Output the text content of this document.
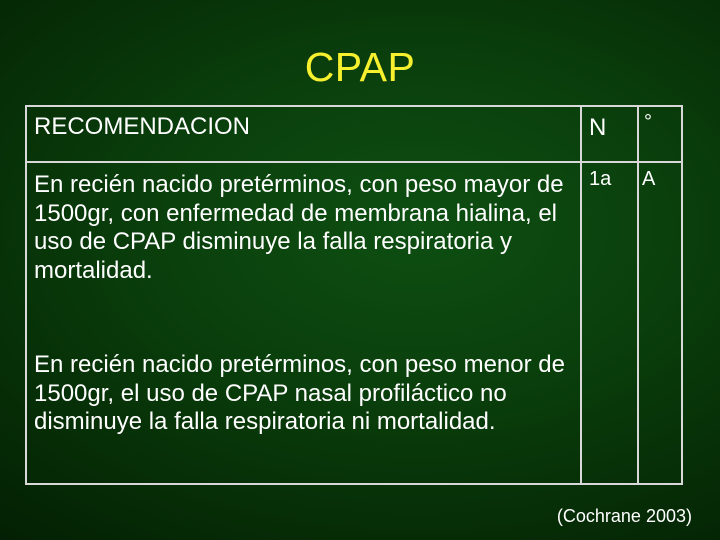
CPAP
RECOMENDACION	N °
En recién nacido pretérminos, con peso mayor de 1500gr, con enfermedad de membrana hialina, el uso de CPAP disminuye la falla respiratoria y mortalidad.
1a A
En recién nacido pretérminos, con peso menor de 1500gr, el uso de CPAP nasal profiláctico no disminuye la falla respiratoria ni mortalidad.
(Cochrane 2003)
